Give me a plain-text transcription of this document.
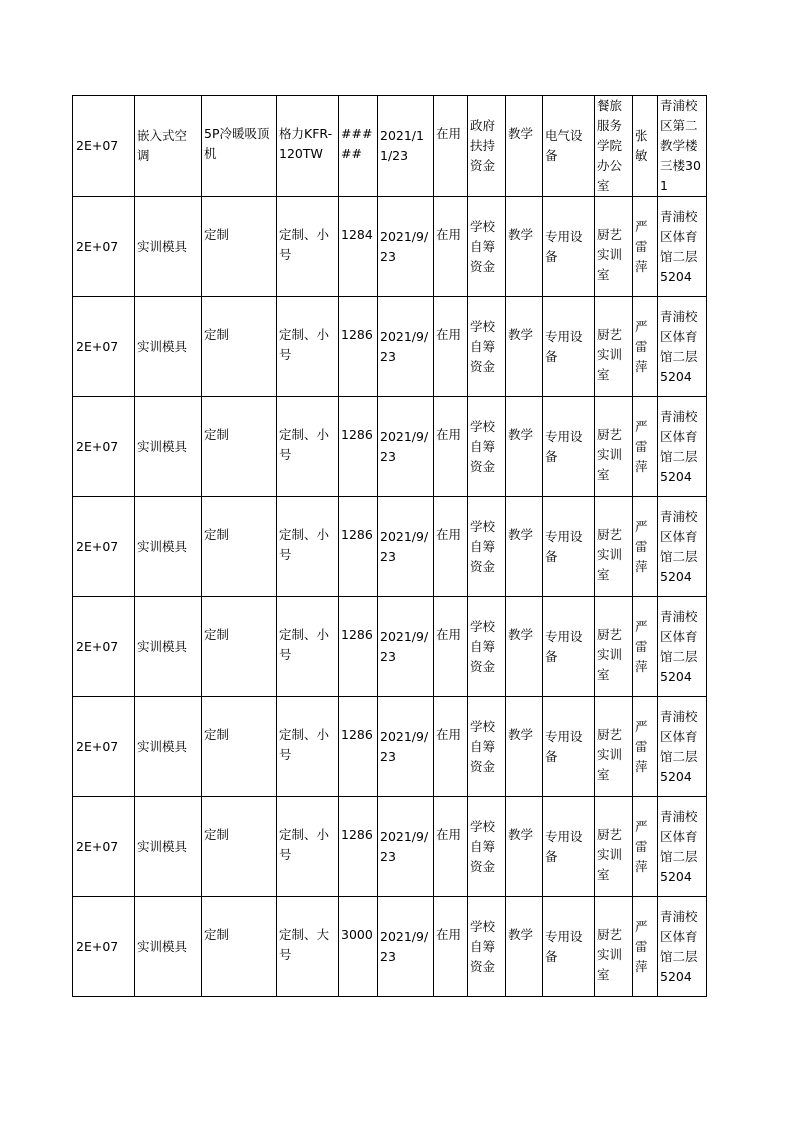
2E+07	嵌入式空调	5P冷暖吸顶机	格力KFR-120TW	#####	2021/11/23	在用	政府扶持资金	教学	电气设备	餐旅服务学院办公室	张敏	青浦校区第二教学楼三楼301
2E+07	实训模具	定制	定制、小号	1284	2021/9/23	在用	学校自筹资金	教学	专用设备	厨艺实训室	严雷萍	青浦校区体育馆二层5204
2E+07	实训模具	定制	定制、小号	1286	2021/9/23	在用	学校自筹资金	教学	专用设备	厨艺实训室	严雷萍	青浦校区体育馆二层5204
2E+07	实训模具	定制	定制、小号	1286	2021/9/23	在用	学校自筹资金	教学	专用设备	厨艺实训室	严雷萍	青浦校区体育馆二层5204
2E+07	实训模具	定制	定制、小号	1286	2021/9/23	在用	学校自筹资金	教学	专用设备	厨艺实训室	严雷萍	青浦校区体育馆二层5204
2E+07	实训模具	定制	定制、小号	1286	2021/9/23	在用	学校自筹资金	教学	专用设备	厨艺实训室	严雷萍	青浦校区体育馆二层5204
2E+07	实训模具	定制	定制、小号	1286	2021/9/23	在用	学校自筹资金	教学	专用设备	厨艺实训室	严雷萍	青浦校区体育馆二层5204
2E+07	实训模具	定制	定制、小号	1286	2021/9/23	在用	学校自筹资金	教学	专用设备	厨艺实训室	严雷萍	青浦校区体育馆二层5204
2E+07	实训模具	定制	定制、大号	3000	2021/9/23	在用	学校自筹资金	教学	专用设备	厨艺实训室	严雷萍	青浦校区体育馆二层5204
